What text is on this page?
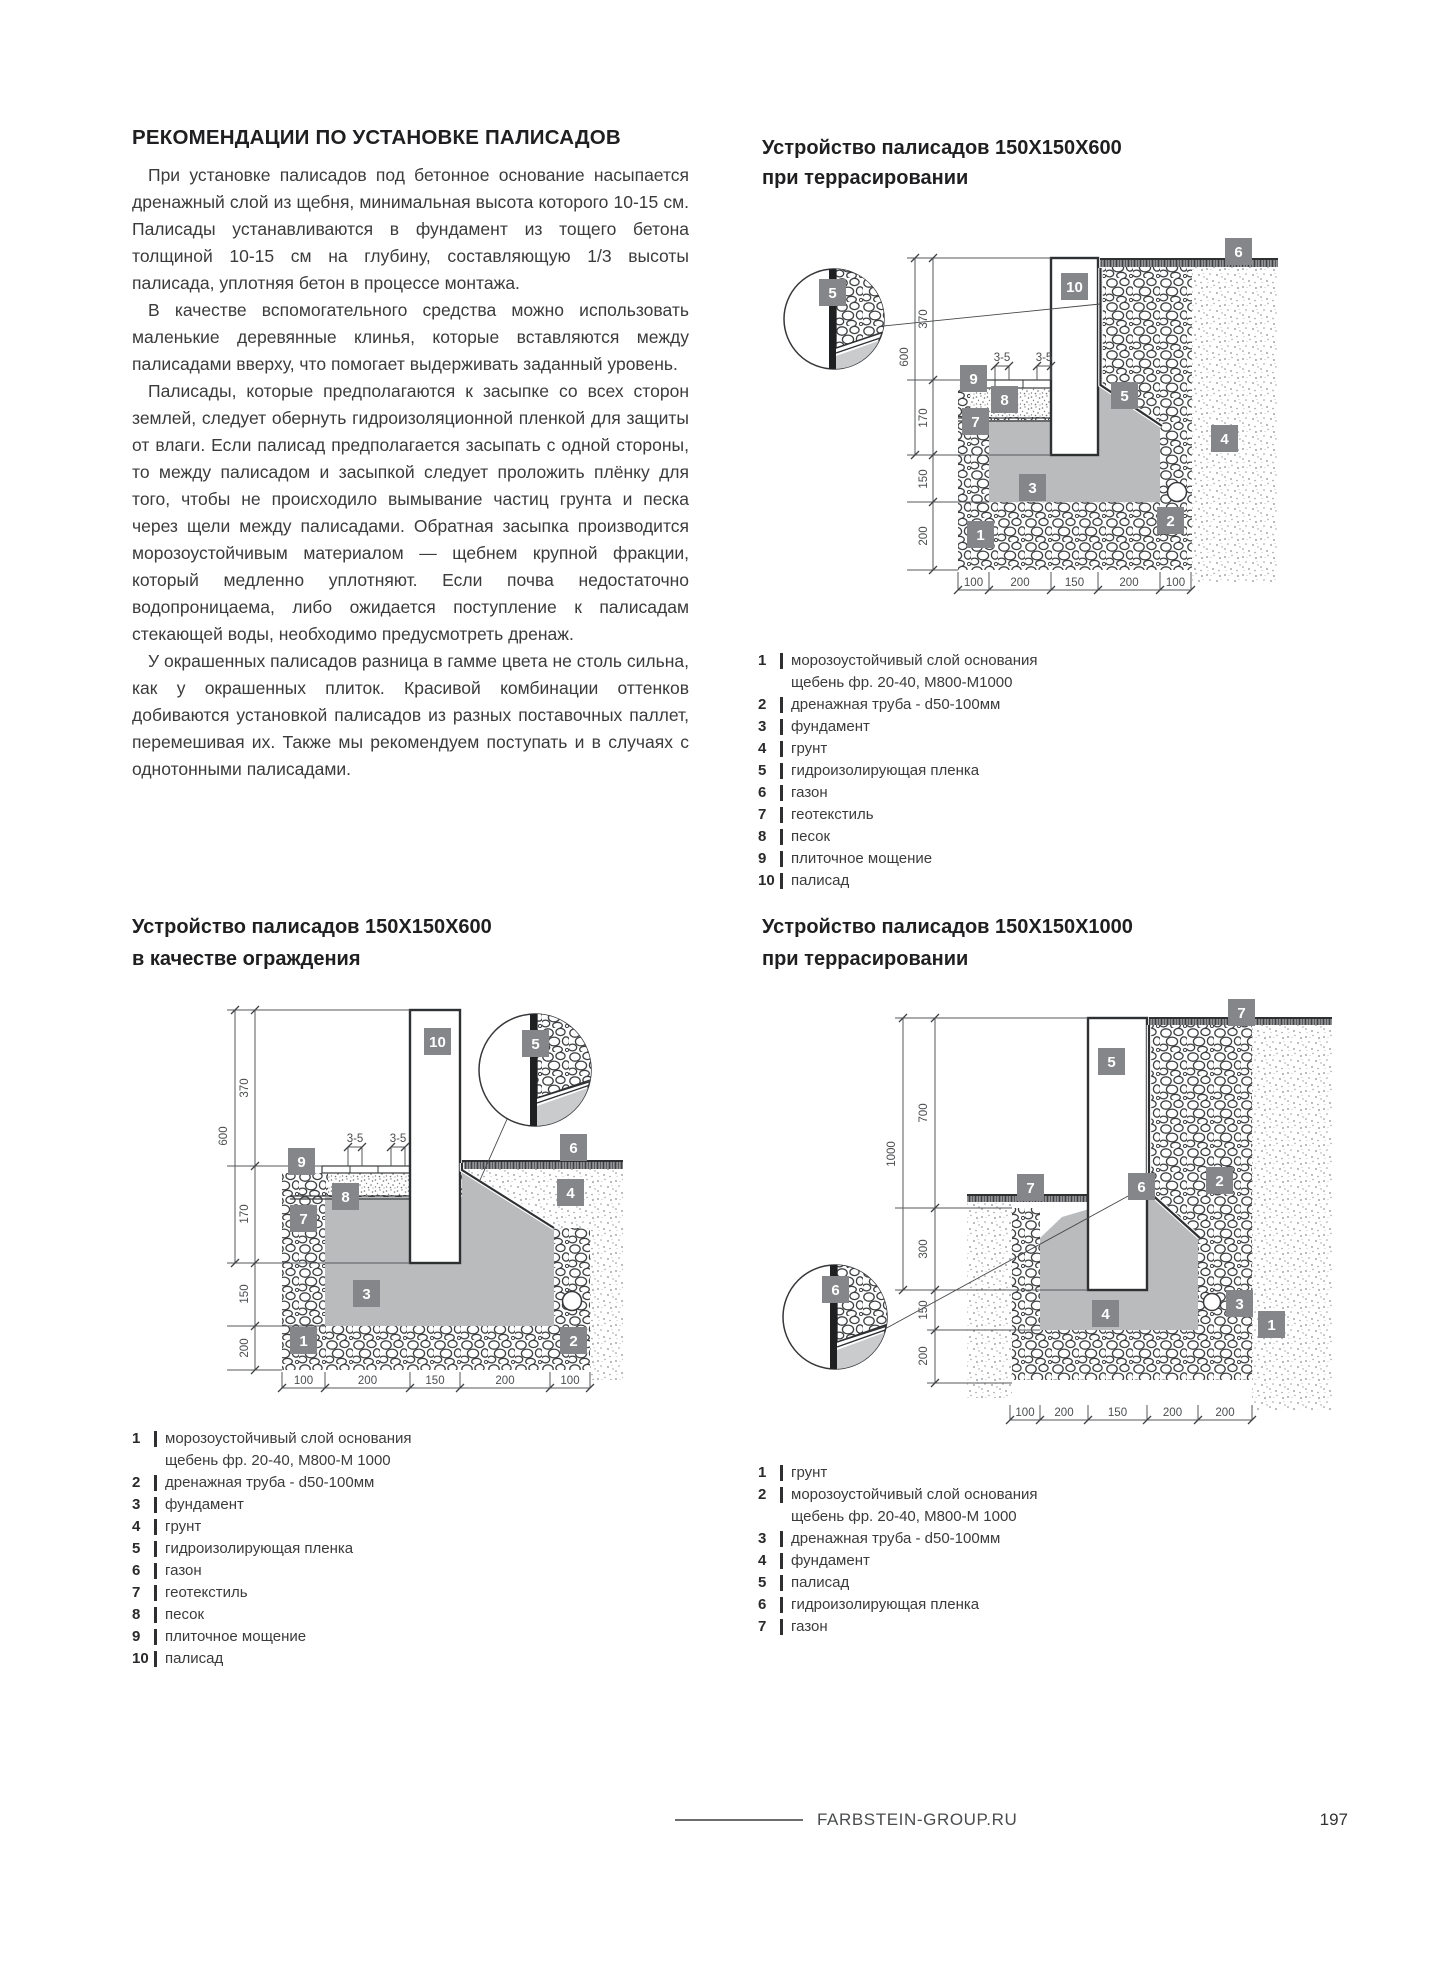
РЕКОМЕНДАЦИИ ПО УСТАНОВКЕ ПАЛИСАДОВ

При установке палисадов под бетонное основание насыпается дренажный слой из щебня, минимальная высота которого 10-15 см. Палисады устанавливаются в фундамент из тощего бетона толщиной 10-15 см на глубину, составляющую 1/3 высоты палисада, уплотняя бетон в процессе монтажа.

В качестве вспомогательного средства можно использовать маленькие деревянные клинья, которые вставляются между палисадами вверху, что помогает выдерживать заданный уровень.

Палисады, которые предполагаются к засыпке со всех сторон землей, следует обернуть гидроизоляционной пленкой для защиты от влаги. Если палисад предполагается засыпать с одной стороны, то между палисадом и засыпкой следует проложить плёнку для того, чтобы не происходило вымывание частиц грунта и песка через щели между палисадами. Обратная засыпка производится морозоустойчивым материалом — щебнем крупной фракции, который медленно уплотняют. Если почва недостаточно водопроницаема, либо ожидается поступление к палисадам стекающей воды, необходимо предусмотреть дренаж.

У окрашенных палисадов разница в гамме цвета не столь сильна, как у окрашенных плиток. Красивой комбинации оттенков добиваются установкой палисадов из разных поставочных паллет, перемешивая их. Также мы рекомендуем поступать и в случаях с однотонными палисадами.

Устройство палисадов 150X150X600
при террасировании
Устройство палисадов 150X150X600
в качестве ограждения
Устройство палисадов 150X150X1000
при террасировании
600
370
170
150
200
100 200	150	200 100
3-5 3-5
5	10
6
9
8
7
5
4
3
1
2
600
370
170
150
200
100	200	150	200	100
3-5 3-5
5
10
9
8
7
6
4
3
1	2
1000
700
300
150
200
100 200	150	200	200
6
5
7
7	2
6
4
3
1
1	морозоустойчивый слой основания
щебень фр. 20-40, М800-М1000
2	дренажная труба - d50-100мм
3	фундамент
4	грунт
5	гидроизолирующая пленка
6	газон
7	геотекстиль
8	песок
9	плиточное мощение
10	палисад
1	морозоустойчивый слой основания
щебень фр. 20-40, М800-М 1000
2	дренажная труба - d50-100мм
3	фундамент
4	грунт
5	гидроизолирующая пленка
6	газон
7	геотекстиль
8	песок
9	плиточное мощение
10	палисад
1	грунт
2	морозоустойчивый слой основания
щебень фр. 20-40, М800-М 1000
3	дренажная труба - d50-100мм
4	фундамент
5	палисад
6	гидроизолирующая пленка
7	газон
FARBSTEIN-GROUP.RU	197
